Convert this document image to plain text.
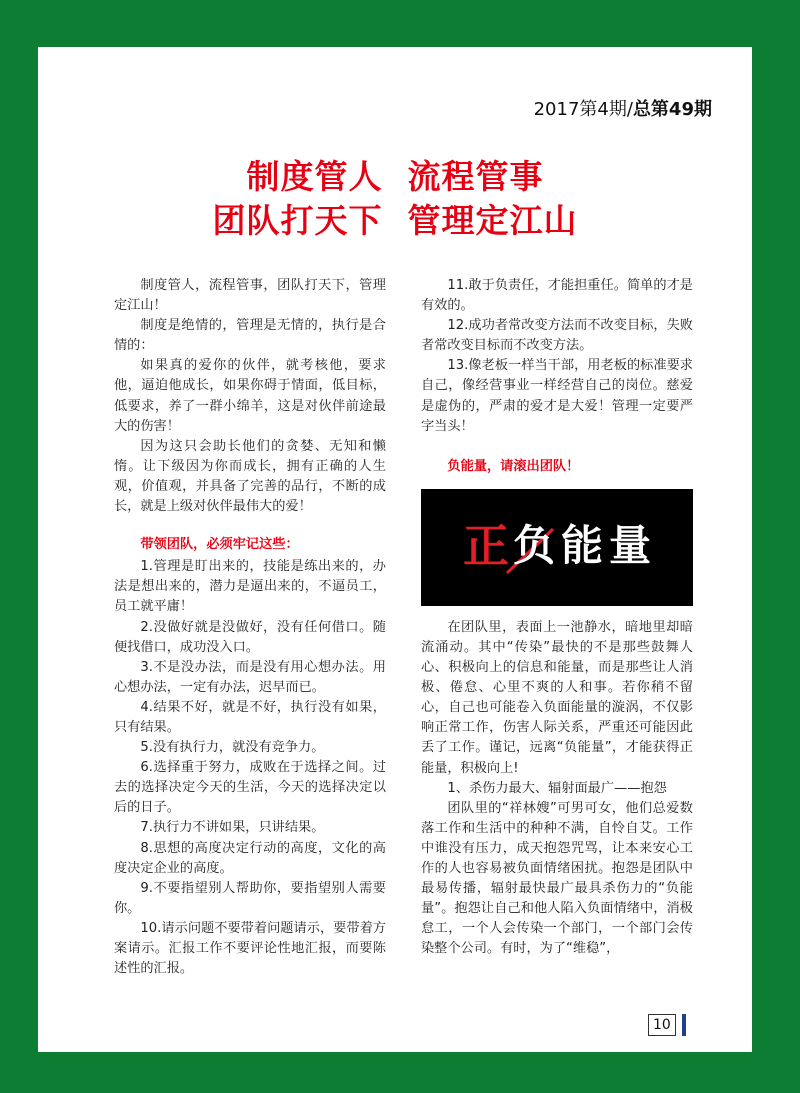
2017第4期/总第49期
制度管人  流程管事
团队打天下  管理定江山

制度管人，流程管事，团队打天下，管理定江山！

制度是绝情的，管理是无情的，执行是合情的：

如果真的爱你的伙伴，就考核他，要求他，逼迫他成长，如果你碍于情面，低目标，低要求，养了一群小绵羊，这是对伙伴前途最大的伤害！

因为这只会助长他们的贪婪、无知和懒惰。让下级因为你而成长，拥有正确的人生观，价值观，并具备了完善的品行，不断的成长，就是上级对伙伴最伟大的爱！

带领团队，必须牢记这些：

1.管理是盯出来的，技能是练出来的，办法是想出来的，潜力是逼出来的，不逼员工，员工就平庸！

2.没做好就是没做好，没有任何借口。随便找借口，成功没入口。

3.不是没办法，而是没有用心想办法。用心想办法，一定有办法，迟早而已。

4.结果不好，就是不好，执行没有如果，只有结果。

5.没有执行力，就没有竞争力。

6.选择重于努力，成败在于选择之间。过去的选择决定今天的生活，今天的选择决定以后的日子。

7.执行力不讲如果，只讲结果。

8.思想的高度决定行动的高度，文化的高度决定企业的高度。

9.不要指望别人帮助你，要指望别人需要你。

10.请示问题不要带着问题请示，要带着方案请示。汇报工作不要评论性地汇报，而要陈述性的汇报。

11.敢于负责任，才能担重任。简单的才是有效的。

12.成功者常改变方法而不改变目标，失败者常改变目标而不改变方法。

13.像老板一样当干部，用老板的标准要求自己，像经营事业一样经营自己的岗位。慈爱是虚伪的，严肃的爱才是大爱！管理一定要严字当头！

负能量，请滚出团队！

正 负 能 量

在团队里，表面上一池静水，暗地里却暗流涌动。其中“传染”最快的不是那些鼓舞人心、积极向上的信息和能量，而是那些让人消极、倦怠、心里不爽的人和事。若你稍不留心，自己也可能卷入负面能量的漩涡，不仅影响正常工作，伤害人际关系，严重还可能因此丢了工作。谨记，远离“负能量”，才能获得正能量，积极向上!

1、杀伤力最大、辐射面最广——抱怨

团队里的“祥林嫂”可男可女，他们总爱数落工作和生活中的种种不满，自怜自艾。工作中谁没有压力，成天抱怨咒骂，让本来安心工作的人也容易被负面情绪困扰。抱怨是团队中最易传播，辐射最快最广最具杀伤力的“负能量”。抱怨让自己和他人陷入负面情绪中，消极怠工，一个人会传染一个部门，一个部门会传染整个公司。有时，为了“维稳”，

10
